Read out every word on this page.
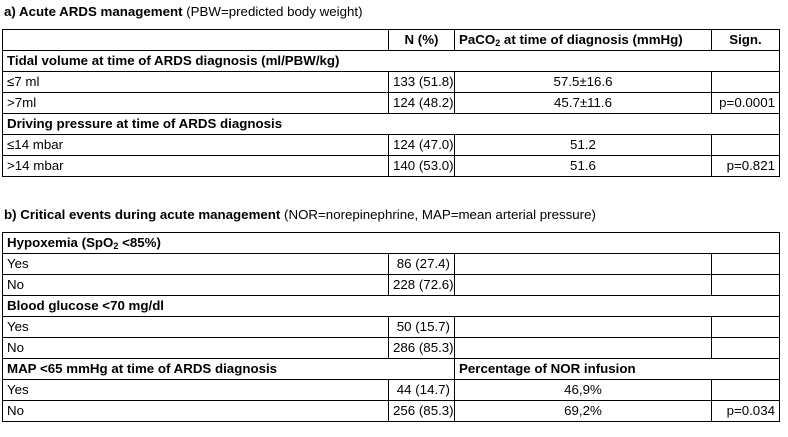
a) Acute ARDS management (PBW=predicted body weight)
	N (%)	PaCO$_2$ at time of diagnosis (mmHg)	Sign.
Tidal volume at time of ARDS diagnosis (ml/PBW/kg)			
≤7 ml	133 (51.8)	57.5±16.6	
>7ml	124 (48.2)	45.7±11.6	p=0.0001
Driving pressure at time of ARDS diagnosis			
≤14 mbar	124 (47.0)	51.2	
>14 mbar	140 (53.0)	51.6	p=0.821
b) Critical events during acute management (NOR=norepinephrine, MAP=mean arterial pressure)
Hypoxemia (SpO$_2$ <85%)			
Yes	86 (27.4)		
No	228 (72.6)		
Blood glucose <70 mg/dl			
Yes	50 (15.7)		
No	286 (85.3)		
MAP <65 mmHg at time of ARDS diagnosis		Percentage of NOR infusion	
Yes	44 (14.7)	46,9%	
No	256 (85.3)	69,2%	p=0.034
